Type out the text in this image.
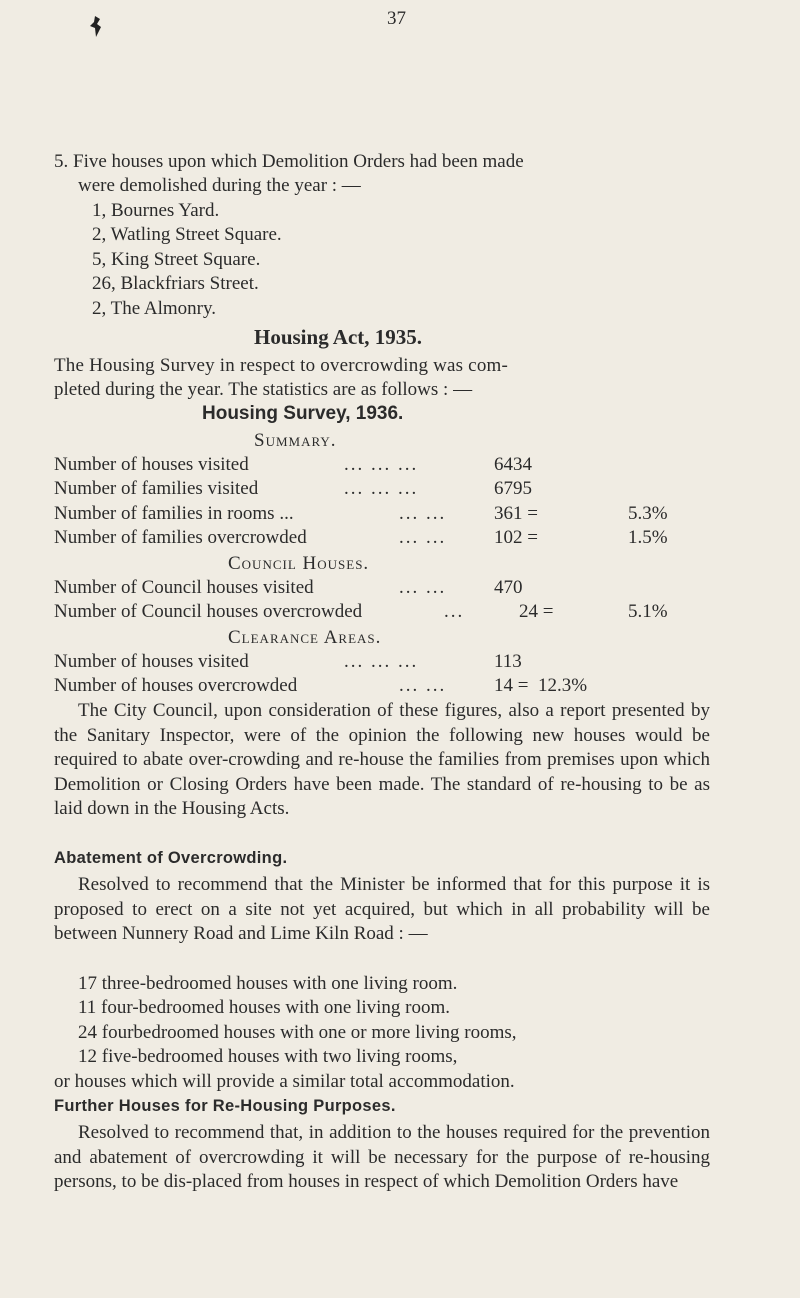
37
5. Five houses upon which Demolition Orders had been made
were demolished during the year : —
1, Bournes Yard.
2, Watling Street Square.
5, King Street Square.
26, Blackfriars Street.
2, The Almonry.
Housing Act, 1935.
The Housing Survey in respect to overcrowding was com-
pleted during the year. The statistics are as follows : —
Housing Survey, 1936.
Summary.
Number of houses visited	... ... ...	6434
Number of families visited	... ... ...	6795
Number of families in rooms ...	... ...	361 =	5.3%
Number of families overcrowded	... ...	102 =	1.5%
Council Houses.
Number of Council houses visited	... ...	470
Number of Council houses overcrowded	...	24 =	5.1%
Clearance Areas.
Number of houses visited	... ... ...	113
Number of houses overcrowded	... ...	14 = 12.3%
The City Council, upon consideration of these figures, also a report presented by the Sanitary Inspector, were of the opinion the following new houses would be required to abate over-crowding and re-house the families from premises upon which Demolition or Closing Orders have been made. The standard of re-housing to be as laid down in the Housing Acts.
Abatement of Overcrowding.
Resolved to recommend that the Minister be informed that for this purpose it is proposed to erect on a site not yet acquired, but which in all probability will be between Nunnery Road and Lime Kiln Road : —
17 three-bedroomed houses with one living room.
11 four-bedroomed houses with one living room.
24 fourbedroomed houses with one or more living rooms,
12 five-bedroomed houses with two living rooms,
or houses which will provide a similar total accommodation.
Further Houses for Re-Housing Purposes.
Resolved to recommend that, in addition to the houses required for the prevention and abatement of overcrowding it will be necessary for the purpose of re-housing persons, to be dis-placed from houses in respect of which Demolition Orders have
